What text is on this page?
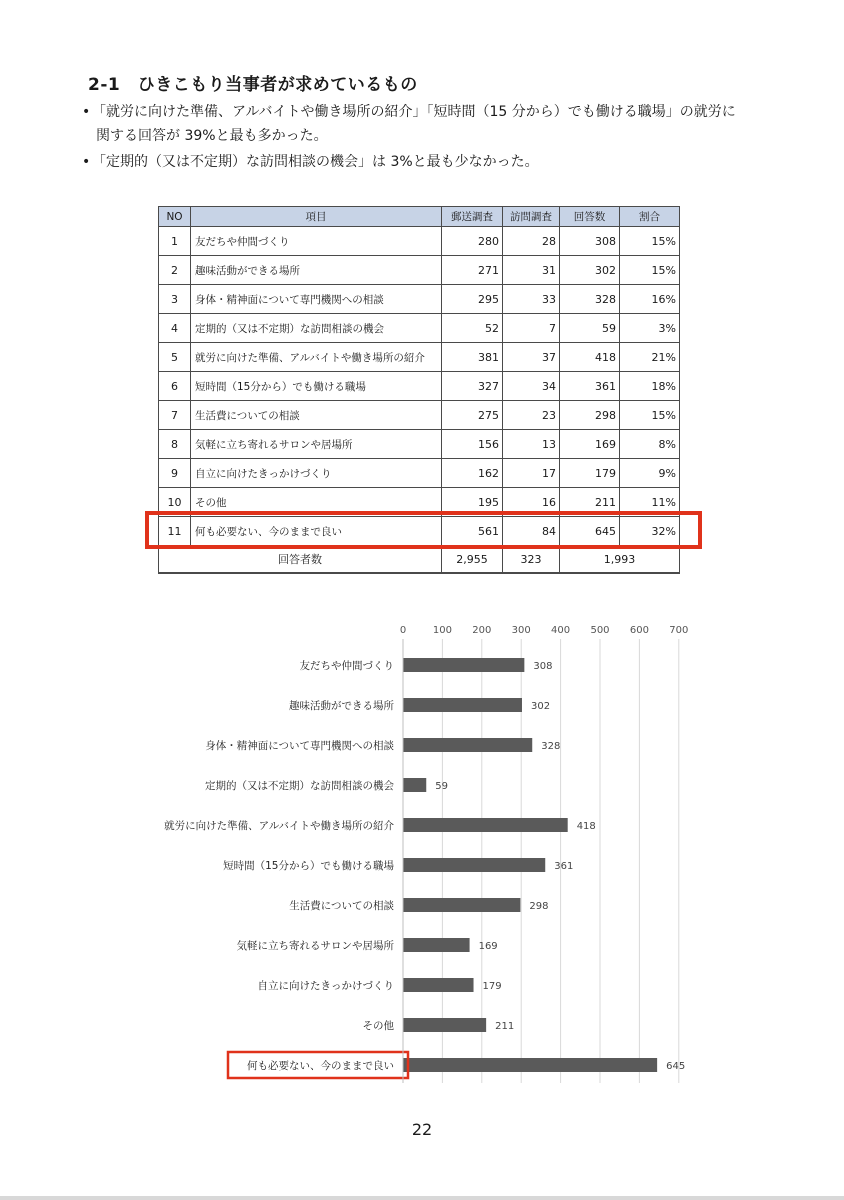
2-1　ひきこもり当事者が求めているもの
• 「就労に向けた準備、アルバイトや働き場所の紹介」「短時間（15 分から）でも働ける職場」の就労に
関する回答が 39%と最も多かった。
• 「定期的（又は不定期）な訪問相談の機会」は 3%と最も少なかった。
NO	項目	郵送調査	訪問調査	回答数	割合
1	友だちや仲間づくり	280	28	308	15%
2	趣味活動ができる場所	271	31	302	15%
3	身体・精神面について専門機関への相談	295	33	328	16%
4	定期的（又は不定期）な訪問相談の機会	52	7	59	3%
5	就労に向けた準備、アルバイトや働き場所の紹介	381	37	418	21%
6	短時間（15分から）でも働ける職場	327	34	361	18%
7	生活費についての相談	275	23	298	15%
8	気軽に立ち寄れるサロンや居場所	156	13	169	8%
9	自立に向けたきっかけづくり	162	17	179	9%
10	その他	195	16	211	11%
11	何も必要ない、今のままで良い	561	84	645	32%
回答者数		2,955	323	1,993	
0	100 200 300 400 500 600 700
308
友だちや仲間づくり
302
趣味活動ができる場所
328
身体・精神面について専門機関への相談
59
定期的（又は不定期）な訪問相談の機会
418
就労に向けた準備、アルバイトや働き場所の紹介
361
短時間（15分から）でも働ける職場
298
生活費についての相談
169
気軽に立ち寄れるサロンや居場所
179
自立に向けたきっかけづくり
211
その他
645
何も必要ない、今のままで良い
22
